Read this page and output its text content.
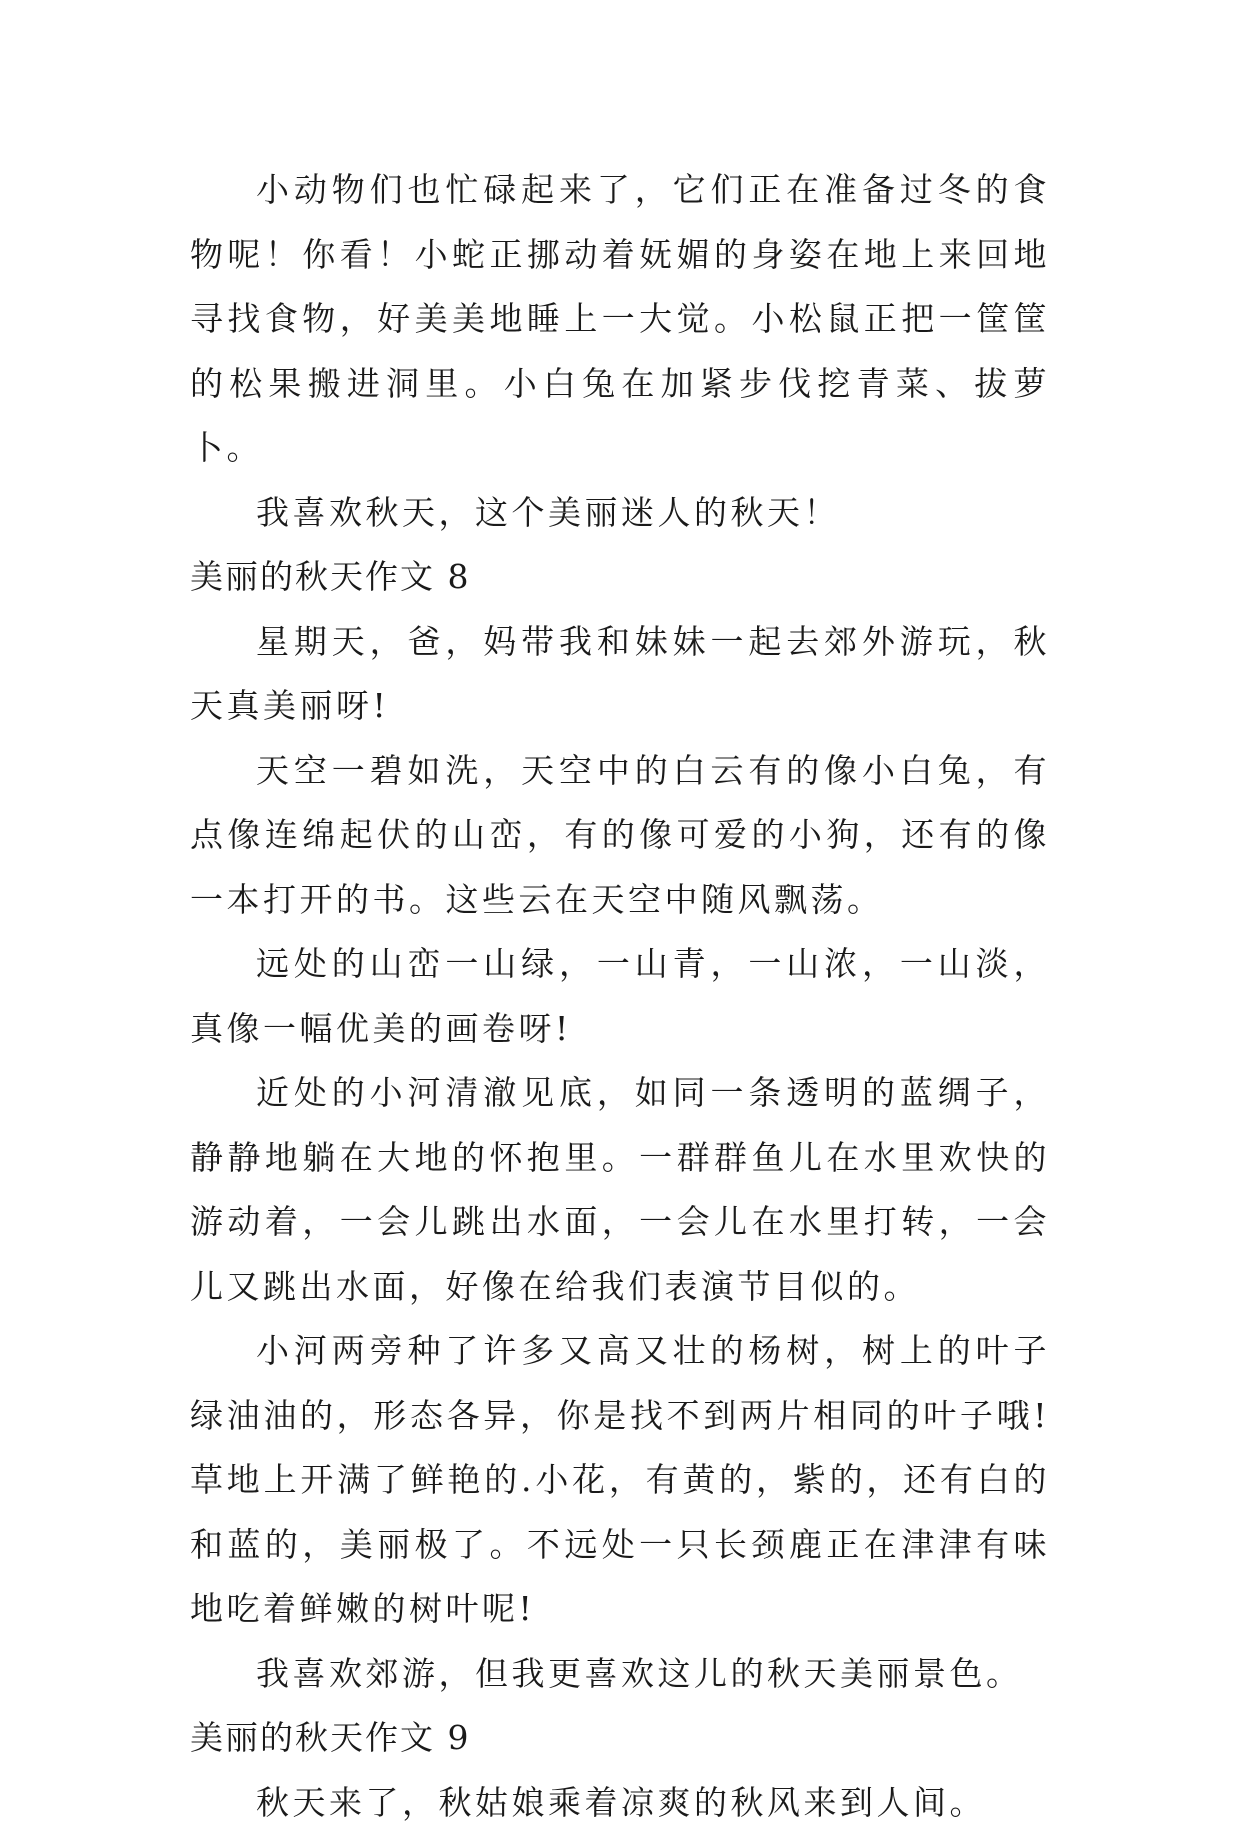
小动物们也忙碌起来了，它们正在准备过冬的食物呢！你看！小蛇正挪动着妩媚的身姿在地上来回地寻找食物，好美美地睡上一大觉。小松鼠正把一筐筐的松果搬进洞里。小白兔在加紧步伐挖青菜、拔萝卜。

我喜欢秋天，这个美丽迷人的秋天！

美丽的秋天作文 8

星期天，爸，妈带我和妹妹一起去郊外游玩，秋天真美丽呀!

天空一碧如洗，天空中的白云有的像小白兔，有点像连绵起伏的山峦，有的像可爱的小狗，还有的像一本打开的书。这些云在天空中随风飘荡。

远处的山峦一山绿，一山青，一山浓，一山淡，真像一幅优美的画卷呀!

近处的小河清澈见底，如同一条透明的蓝绸子，静静地躺在大地的怀抱里。一群群鱼儿在水里欢快的游动着，一会儿跳出水面，一会儿在水里打转，一会儿又跳出水面，好像在给我们表演节目似的。

小河两旁种了许多又高又壮的杨树，树上的叶子绿油油的，形态各异，你是找不到两片相同的叶子哦!草地上开满了鲜艳的.小花，有黄的，紫的，还有白的和蓝的，美丽极了。不远处一只长颈鹿正在津津有味地吃着鲜嫩的树叶呢!

我喜欢郊游，但我更喜欢这儿的秋天美丽景色。

美丽的秋天作文 9

秋天来了，秋姑娘乘着凉爽的秋风来到人间。
